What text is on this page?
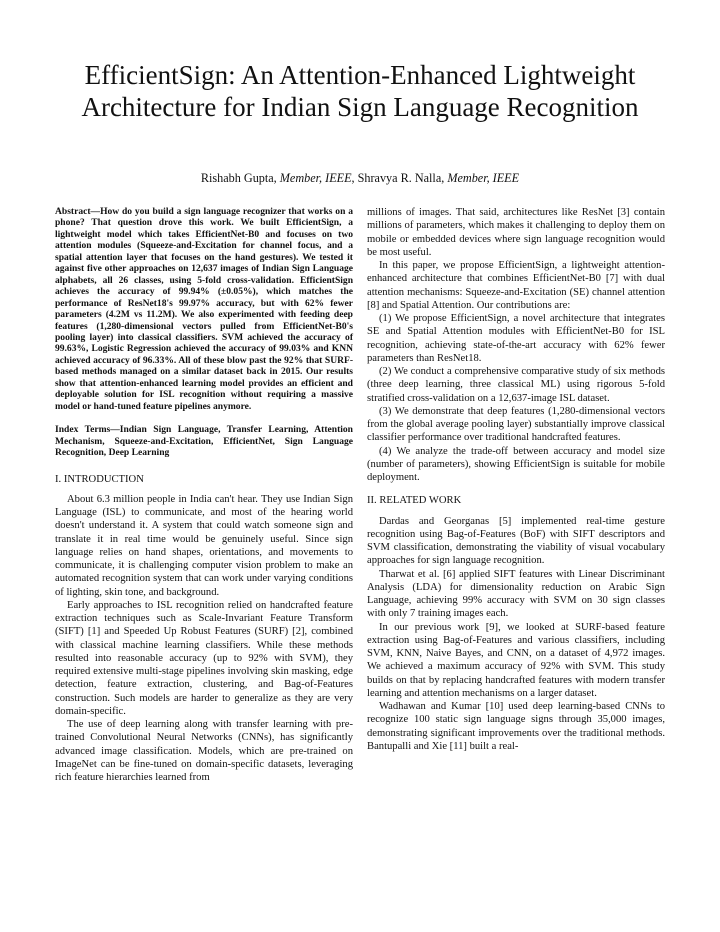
EfficientSign: An Attention-Enhanced Lightweight Architecture for Indian Sign Language Recognition
Rishabh Gupta, Member, IEEE, Shravya R. Nalla, Member, IEEE

Abstract—How do you build a sign language recognizer that works on a phone? That question drove this work. We built EfficientSign, a lightweight model which takes EfficientNet-B0 and focuses on two attention modules (Squeeze-and-Excitation for channel focus, and a spatial attention layer that focuses on the hand gestures). We tested it against five other approaches on 12,637 images of Indian Sign Language alphabets, all 26 classes, using 5-fold cross-validation. EfficientSign achieves the accuracy of 99.94% (±0.05%), which matches the performance of ResNet18's 99.97% accuracy, but with 62% fewer parameters (4.2M vs 11.2M). We also experimented with feeding deep features (1,280-dimensional vectors pulled from EfficientNet-B0's pooling layer) into classical classifiers. SVM achieved the accuracy of 99.63%, Logistic Regression achieved the accuracy of 99.03% and KNN achieved accuracy of 96.33%. All of these blow past the 92% that SURF-based methods managed on a similar dataset back in 2015. Our results show that attention-enhanced learning model provides an efficient and deployable solution for ISL recognition without requiring a massive model or hand-tuned feature pipelines anymore.

Index Terms—Indian Sign Language, Transfer Learning, Attention Mechanism, Squeeze-and-Excitation, EfficientNet, Sign Language Recognition, Deep Learning

I. INTRODUCTION

About 6.3 million people in India can't hear. They use Indian Sign Language (ISL) to communicate, and most of the hearing world doesn't understand it. A system that could watch someone sign and translate it in real time would be genuinely useful. Since sign language relies on hand shapes, orientations, and movements to communicate, it is challenging computer vision problem to make an automated recognition system that can work under varying conditions of lighting, skin tone, and background.

Early approaches to ISL recognition relied on handcrafted feature extraction techniques such as Scale-Invariant Feature Transform (SIFT) [1] and Speeded Up Robust Features (SURF) [2], combined with classical machine learning classifiers. While these methods resulted into reasonable accuracy (up to 92% with SVM), they required extensive multi-stage pipelines involving skin masking, edge detection, feature extraction, clustering, and Bag-of-Features construction. Such models are harder to generalize as they are very domain-specific.

The use of deep learning along with transfer learning with pre-trained Convolutional Neural Networks (CNNs), has significantly advanced image classification. Models, which are pre-trained on ImageNet can be fine-tuned on domain-specific datasets, leveraging rich feature hierarchies learned from

millions of images. That said, architectures like ResNet [3] contain millions of parameters, which makes it challenging to deploy them on mobile or embedded devices where sign language recognition would be most useful.

In this paper, we propose EfficientSign, a lightweight attention-enhanced architecture that combines EfficientNet-B0 [7] with dual attention mechanisms: Squeeze-and-Excitation (SE) channel attention [8] and Spatial Attention. Our contributions are:

(1) We propose EfficientSign, a novel architecture that integrates SE and Spatial Attention modules with EfficientNet-B0 for ISL recognition, achieving state-of-the-art accuracy with 62% fewer parameters than ResNet18.

(2) We conduct a comprehensive comparative study of six methods (three deep learning, three classical ML) using rigorous 5-fold stratified cross-validation on a 12,637-image ISL dataset.

(3) We demonstrate that deep features (1,280-dimensional vectors from the global average pooling layer) substantially improve classical classifier performance over traditional handcrafted features.

(4) We analyze the trade-off between accuracy and model size (number of parameters), showing EfficientSign is suitable for mobile deployment.

II. RELATED WORK

Dardas and Georganas [5] implemented real-time gesture recognition using Bag-of-Features (BoF) with SIFT descriptors and SVM classification, demonstrating the viability of visual vocabulary approaches for sign language recognition.

Tharwat et al. [6] applied SIFT features with Linear Discriminant Analysis (LDA) for dimensionality reduction on Arabic Sign Language, achieving 99% accuracy with SVM on 30 sign classes with only 7 training images each.

In our previous work [9], we looked at SURF-based feature extraction using Bag-of-Features and various classifiers, including SVM, KNN, Naive Bayes, and CNN, on a dataset of 4,972 images. We achieved a maximum accuracy of 92% with SVM. This study builds on that by replacing handcrafted features with modern transfer learning and attention mechanisms on a larger dataset.

Wadhawan and Kumar [10] used deep learning-based CNNs to recognize 100 static sign language signs through 35,000 images, demonstrating significant improvements over the traditional methods. Bantupalli and Xie [11] built a real-
